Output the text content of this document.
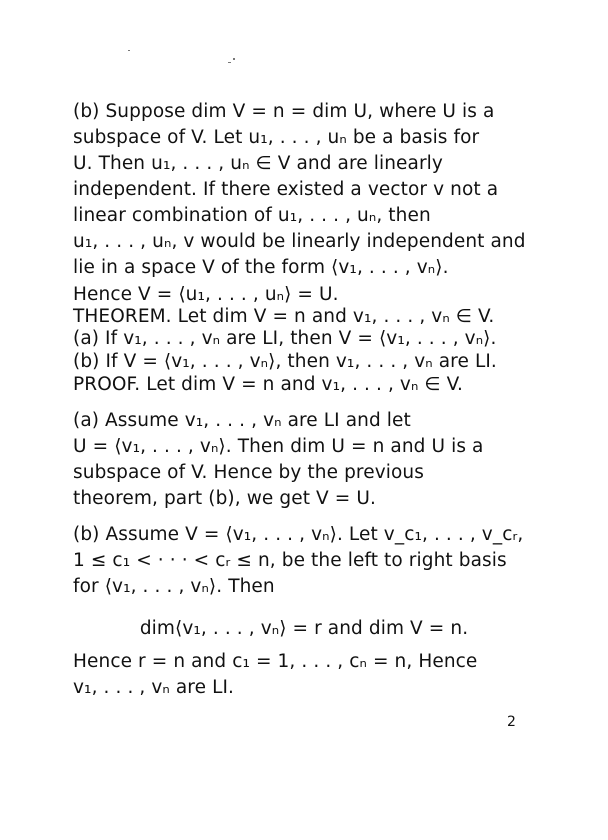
(b) Suppose dim V = n = dim U, where U is a
subspace of V. Let u₁, . . . , uₙ be a basis for
U. Then u₁, . . . , uₙ ∈ V and are linearly
independent. If there existed a vector v not a
linear combination of u₁, . . . , uₙ, then
u₁, . . . , uₙ, v would be linearly independent and
lie in a space V of the form ⟨v₁, . . . , vₙ⟩.
Hence V = ⟨u₁, . . . , uₙ⟩ = U.
THEOREM. Let dim V = n and v₁, . . . , vₙ ∈ V.
(a) If v₁, . . . , vₙ are LI, then V = ⟨v₁, . . . , vₙ⟩.
(b) If V = ⟨v₁, . . . , vₙ⟩, then v₁, . . . , vₙ are LI.
PROOF. Let dim V = n and v₁, . . . , vₙ ∈ V.
(a) Assume v₁, . . . , vₙ are LI and let
U = ⟨v₁, . . . , vₙ⟩. Then dim U = n and U is a
subspace of V. Hence by the previous
theorem, part (b), we get V = U.
(b) Assume V = ⟨v₁, . . . , vₙ⟩. Let v_c₁, . . . , v_cᵣ,
1 ≤ c₁ < · · · < cᵣ ≤ n, be the left to right basis
for ⟨v₁, . . . , vₙ⟩. Then
dim⟨v₁, . . . , vₙ⟩ = r and dim V = n.
Hence r = n and c₁ = 1, . . . , cₙ = n, Hence
v₁, . . . , vₙ are LI.
2
